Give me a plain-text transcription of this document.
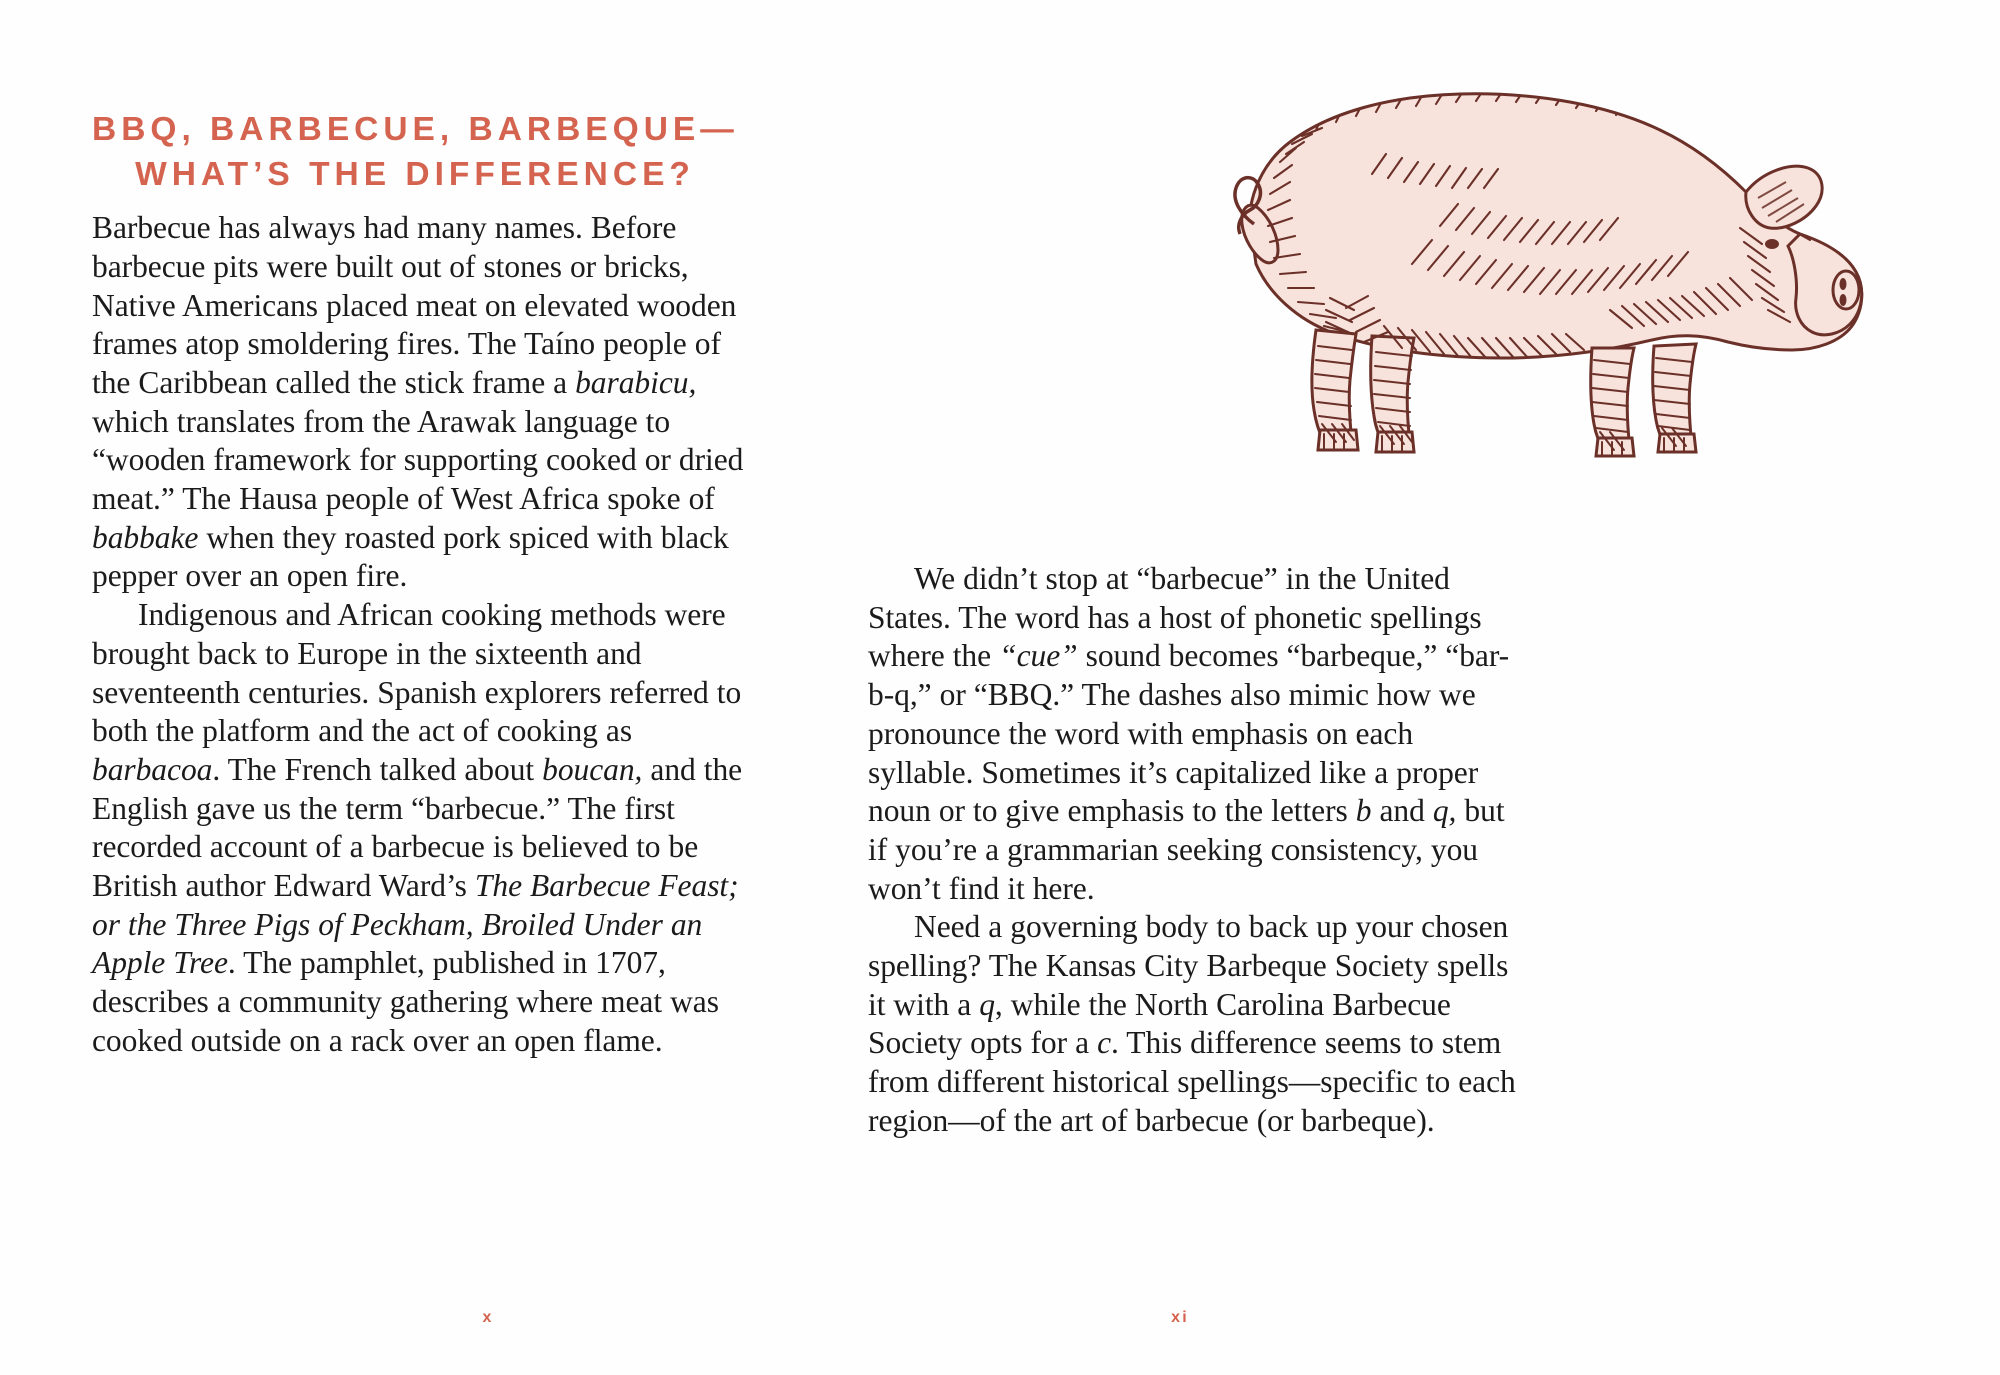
BBQ, BARBECUE, BARBEQUE—
WHAT’S THE DIFFERENCE?

Barbecue has always had many names. Before barbecue pits were built out of stones or bricks, Native Americans placed meat on elevated wooden frames atop smoldering fires. The Taíno people of the Caribbean called the stick frame a barabicu, which translates from the Arawak language to “wooden framework for supporting cooked or dried meat.” The Hausa people of West Africa spoke of babbake when they roasted pork spiced with black pepper over an open fire.

Indigenous and African cooking methods were brought back to Europe in the sixteenth and seventeenth centuries. Spanish explorers referred to both the platform and the act of cooking as barbacoa. The French talked about boucan, and the English gave us the term “barbecue.” The first recorded account of a barbecue is believed to be British author Edward Ward’s The Barbecue Feast; or the Three Pigs of Peckham, Broiled Under an Apple Tree. The pamphlet, published in 1707, describes a community gathering where meat was cooked outside on a rack over an open flame.

x

We didn’t stop at “barbecue” in the United States. The word has a host of phonetic spellings where the “cue” sound becomes “barbeque,” “bar-b-q,” or “BBQ.” The dashes also mimic how we pronounce the word with emphasis on each syllable. Sometimes it’s capitalized like a proper noun or to give emphasis to the letters b and q, but if you’re a grammarian seeking consistency, you won’t find it here.

Need a governing body to back up your chosen spelling? The Kansas City Barbeque Society spells it with a q, while the North Carolina Barbecue Society opts for a c. This difference seems to stem from different historical spellings—specific to each region—of the art of barbecue (or barbeque).

xi
